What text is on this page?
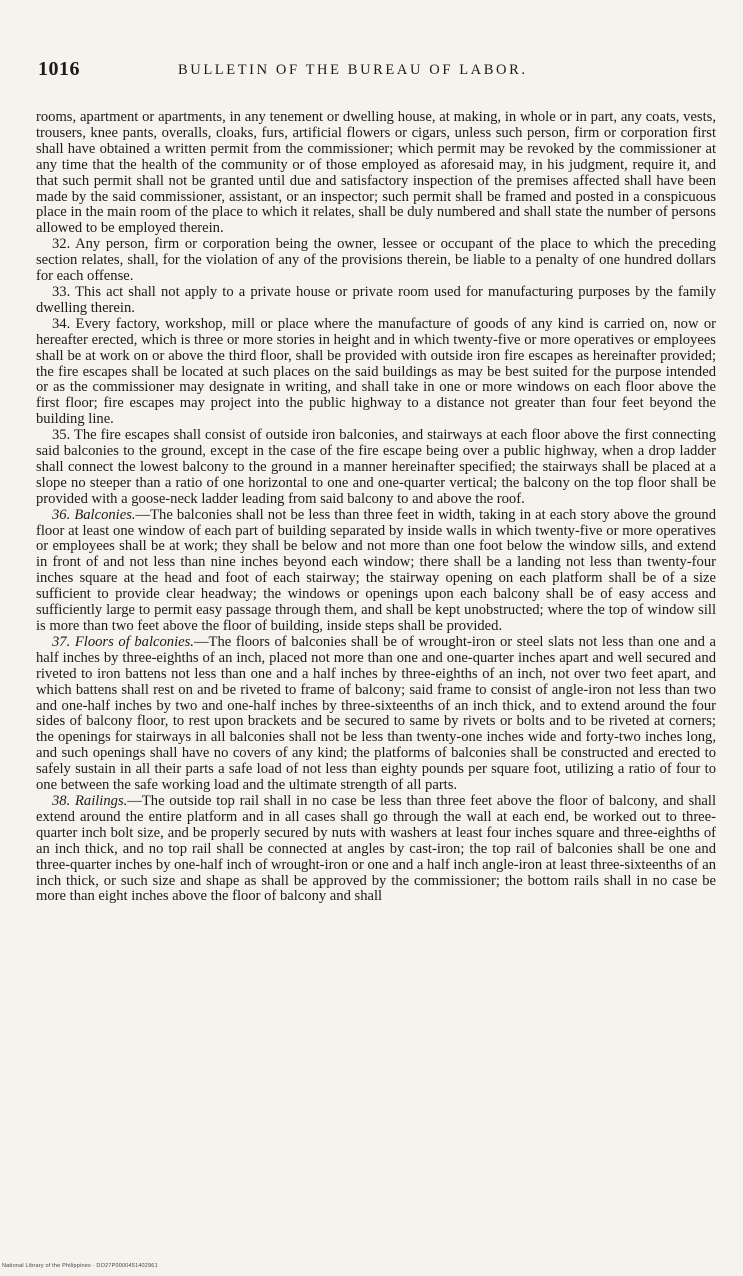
1016	BULLETIN OF THE BUREAU OF LABOR.

rooms, apartment or apartments, in any tenement or dwelling house, at making, in whole or in part, any coats, vests, trousers, knee pants, overalls, cloaks, furs, artificial flowers or cigars, unless such person, firm or corporation first shall have obtained a written permit from the commissioner; which permit may be revoked by the commissioner at any time that the health of the community or of those employed as aforesaid may, in his judgment, require it, and that such permit shall not be granted until due and satisfactory inspection of the premises affected shall have been made by the said commissioner, assistant, or an inspector; such permit shall be framed and posted in a conspicuous place in the main room of the place to which it relates, shall be duly numbered and shall state the number of persons allowed to be employed therein.

32. Any person, firm or corporation being the owner, lessee or occupant of the place to which the preceding section relates, shall, for the violation of any of the provisions therein, be liable to a penalty of one hundred dollars for each offense.

33. This act shall not apply to a private house or private room used for manufacturing purposes by the family dwelling therein.

34. Every factory, workshop, mill or place where the manufacture of goods of any kind is carried on, now or hereafter erected, which is three or more stories in height and in which twenty-five or more operatives or employees shall be at work on or above the third floor, shall be provided with outside iron fire escapes as hereinafter provided; the fire escapes shall be located at such places on the said buildings as may be best suited for the purpose intended or as the commissioner may designate in writing, and shall take in one or more windows on each floor above the first floor; fire escapes may project into the public highway to a distance not greater than four feet beyond the building line.

35. The fire escapes shall consist of outside iron balconies, and stairways at each floor above the first connecting said balconies to the ground, except in the case of the fire escape being over a public highway, when a drop ladder shall connect the lowest balcony to the ground in a manner hereinafter specified; the stairways shall be placed at a slope no steeper than a ratio of one horizontal to one and one-quarter vertical; the balcony on the top floor shall be provided with a goose-neck ladder leading from said balcony to and above the roof.

36. Balconies.—The balconies shall not be less than three feet in width, taking in at each story above the ground floor at least one window of each part of building separated by inside walls in which twenty-five or more operatives or employees shall be at work; they shall be below and not more than one foot below the window sills, and extend in front of and not less than nine inches beyond each window; there shall be a landing not less than twenty-four inches square at the head and foot of each stairway; the stairway opening on each platform shall be of a size sufficient to provide clear headway; the windows or openings upon each balcony shall be of easy access and sufficiently large to permit easy passage through them, and shall be kept unobstructed; where the top of window sill is more than two feet above the floor of building, inside steps shall be provided.

37. Floors of balconies.—The floors of balconies shall be of wrought-iron or steel slats not less than one and a half inches by three-eighths of an inch, placed not more than one and one-quarter inches apart and well secured and riveted to iron battens not less than one and a half inches by three-eighths of an inch, not over two feet apart, and which battens shall rest on and be riveted to frame of balcony; said frame to consist of angle-iron not less than two and one-half inches by two and one-half inches by three-sixteenths of an inch thick, and to extend around the four sides of balcony floor, to rest upon brackets and be secured to same by rivets or bolts and to be riveted at corners; the openings for stairways in all balconies shall not be less than twenty-one inches wide and forty-two inches long, and such openings shall have no covers of any kind; the platforms of balconies shall be constructed and erected to safely sustain in all their parts a safe load of not less than eighty pounds per square foot, utilizing a ratio of four to one between the safe working load and the ultimate strength of all parts.

38. Railings.—The outside top rail shall in no case be less than three feet above the floor of balcony, and shall extend around the entire platform and in all cases shall go through the wall at each end, be worked out to three-quarter inch bolt size, and be properly secured by nuts with washers at least four inches square and three-eighths of an inch thick, and no top rail shall be connected at angles by cast-iron; the top rail of balconies shall be one and three-quarter inches by one-half inch of wrought-iron or one and a half inch angle-iron at least three-sixteenths of an inch thick, or such size and shape as shall be approved by the commissioner; the bottom rails shall in no case be more than eight inches above the floor of balcony and shall

National Library of the Philippines · DO27P0000451402961
